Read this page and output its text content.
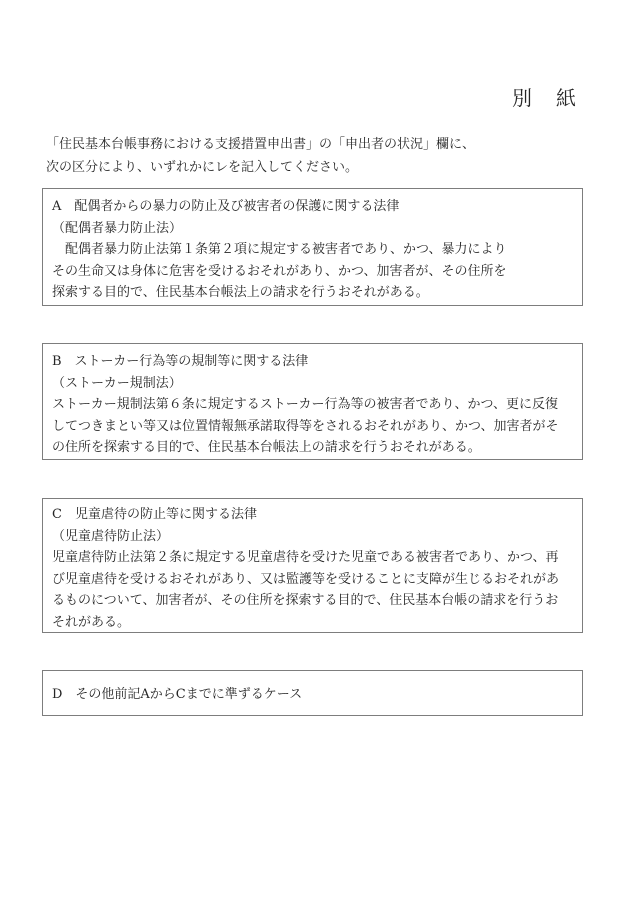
別　紙
「住民基本台帳事務における支援措置申出書」の「申出者の状況」欄に、
次の区分により、いずれかにレを記入してください。
A　配偶者からの暴力の防止及び被害者の保護に関する法律
（配偶者暴力防止法）
　配偶者暴力防止法第１条第２項に規定する被害者であり、かつ、暴力により
その生命又は身体に危害を受けるおそれがあり、かつ、加害者が、その住所を
探索する目的で、住民基本台帳法上の請求を行うおそれがある。
B　ストーカー行為等の規制等に関する法律
（ストーカー規制法）
ストーカー規制法第６条に規定するストーカー行為等の被害者であり、かつ、更に反復
してつきまとい等又は位置情報無承諾取得等をされるおそれがあり、かつ、加害者がそ
の住所を探索する目的で、住民基本台帳法上の請求を行うおそれがある。
C　児童虐待の防止等に関する法律
（児童虐待防止法）
児童虐待防止法第２条に規定する児童虐待を受けた児童である被害者であり、かつ、再
び児童虐待を受けるおそれがあり、又は監護等を受けることに支障が生じるおそれがあ
るものについて、加害者が、その住所を探索する目的で、住民基本台帳の請求を行うお
それがある。
D　その他前記AからCまでに準ずるケース
